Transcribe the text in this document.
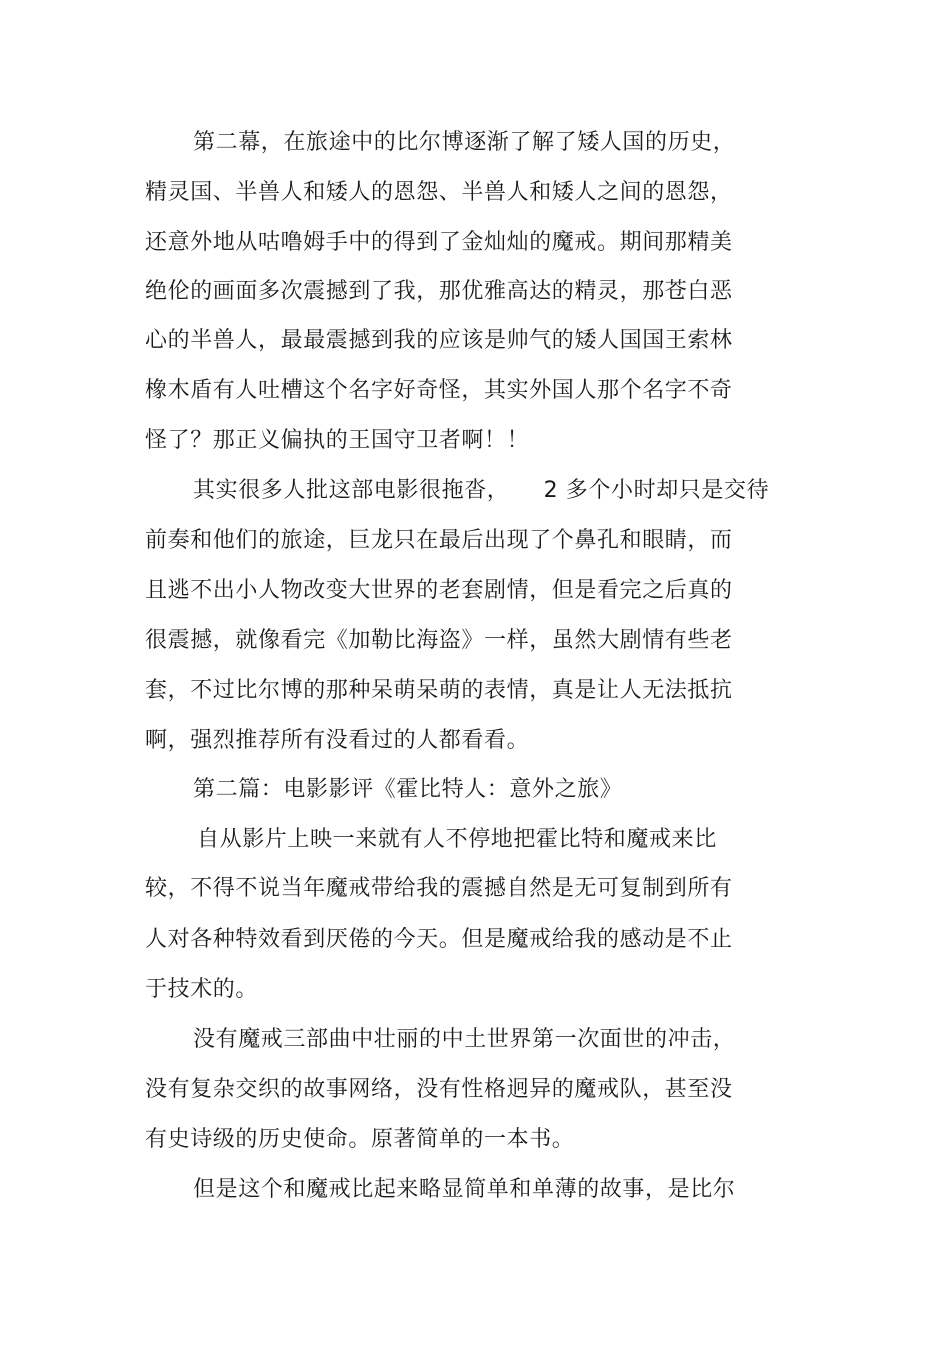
第二幕，在旅途中的比尔博逐渐了解了矮人国的历史，
精灵国、半兽人和矮人的恩怨、半兽人和矮人之间的恩怨，
还意外地从咕噜姆手中的得到了金灿灿的魔戒。期间那精美
绝伦的画面多次震撼到了我，那优雅高达的精灵，那苍白恶
心的半兽人，最最震撼到我的应该是帅气的矮人国国王索林
橡木盾有人吐槽这个名字好奇怪，其实外国人那个名字不奇
怪了？那正义偏执的王国守卫者啊！！
其实很多人批这部电影很拖沓，　　2 多个小时却只是交待
前奏和他们的旅途，巨龙只在最后出现了个鼻孔和眼睛，而
且逃不出小人物改变大世界的老套剧情，但是看完之后真的
很震撼，就像看完《加勒比海盗》一样，虽然大剧情有些老
套，不过比尔博的那种呆萌呆萌的表情，真是让人无法抵抗
啊，强烈推荐所有没看过的人都看看。
第二篇：电影影评《霍比特人：意外之旅》
自从影片上映一来就有人不停地把霍比特和魔戒来比
较，不得不说当年魔戒带给我的震撼自然是无可复制到所有
人对各种特效看到厌倦的今天。但是魔戒给我的感动是不止
于技术的。
没有魔戒三部曲中壮丽的中土世界第一次面世的冲击，
没有复杂交织的故事网络，没有性格迥异的魔戒队，甚至没
有史诗级的历史使命。原著简单的一本书。
但是这个和魔戒比起来略显简单和单薄的故事，是比尔
